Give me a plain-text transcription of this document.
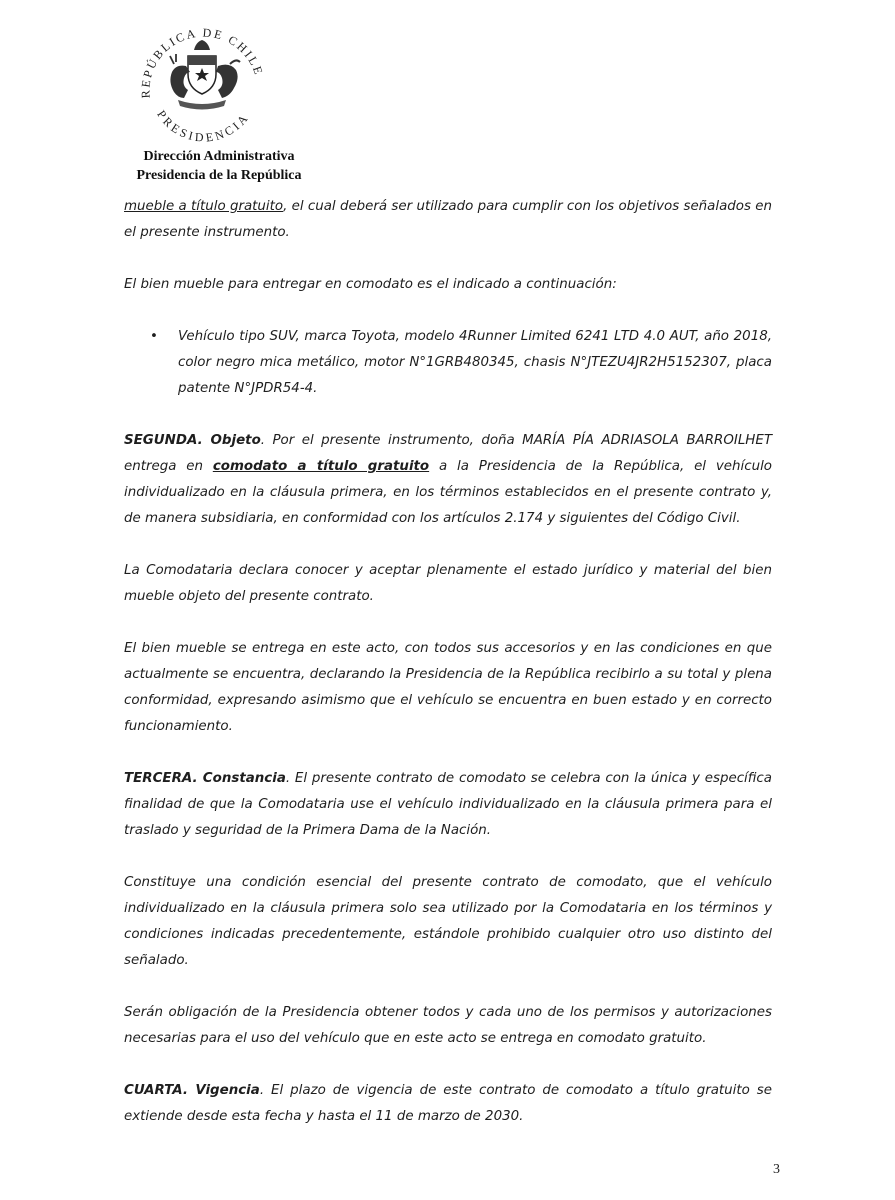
REPÚBLICA DE CHILE
PRESIDENCIA
Dirección Administrativa
Presidencia de la República

mueble a título gratuito, el cual deberá ser utilizado para cumplir con los objetivos señalados en el presente instrumento.

El bien mueble para entregar en comodato es el indicado a continuación:

• Vehículo tipo SUV, marca Toyota, modelo 4Runner Limited 6241 LTD 4.0 AUT, año 2018, color negro mica metálico, motor N°1GRB480345, chasis N°JTEZU4JR2H5152307, placa patente N°JPDR54-4.

SEGUNDA. Objeto. Por el presente instrumento, doña MARÍA PÍA ADRIASOLA BARROILHET entrega en comodato a título gratuito a la Presidencia de la República, el vehículo individualizado en la cláusula primera, en los términos establecidos en el presente contrato y, de manera subsidiaria, en conformidad con los artículos 2.174 y siguientes del Código Civil.

La Comodataria declara conocer y aceptar plenamente el estado jurídico y material del bien mueble objeto del presente contrato.

El bien mueble se entrega en este acto, con todos sus accesorios y en las condiciones en que actualmente se encuentra, declarando la Presidencia de la República recibirlo a su total y plena conformidad, expresando asimismo que el vehículo se encuentra en buen estado y en correcto funcionamiento.

TERCERA. Constancia. El presente contrato de comodato se celebra con la única y específica finalidad de que la Comodataria use el vehículo individualizado en la cláusula primera para el traslado y seguridad de la Primera Dama de la Nación.

Constituye una condición esencial del presente contrato de comodato, que el vehículo individualizado en la cláusula primera solo sea utilizado por la Comodataria en los términos y condiciones indicadas precedentemente, estándole prohibido cualquier otro uso distinto del señalado.

Serán obligación de la Presidencia obtener todos y cada uno de los permisos y autorizaciones necesarias para el uso del vehículo que en este acto se entrega en comodato gratuito.

CUARTA. Vigencia. El plazo de vigencia de este contrato de comodato a título gratuito se extiende desde esta fecha y hasta el 11 de marzo de 2030.

3
